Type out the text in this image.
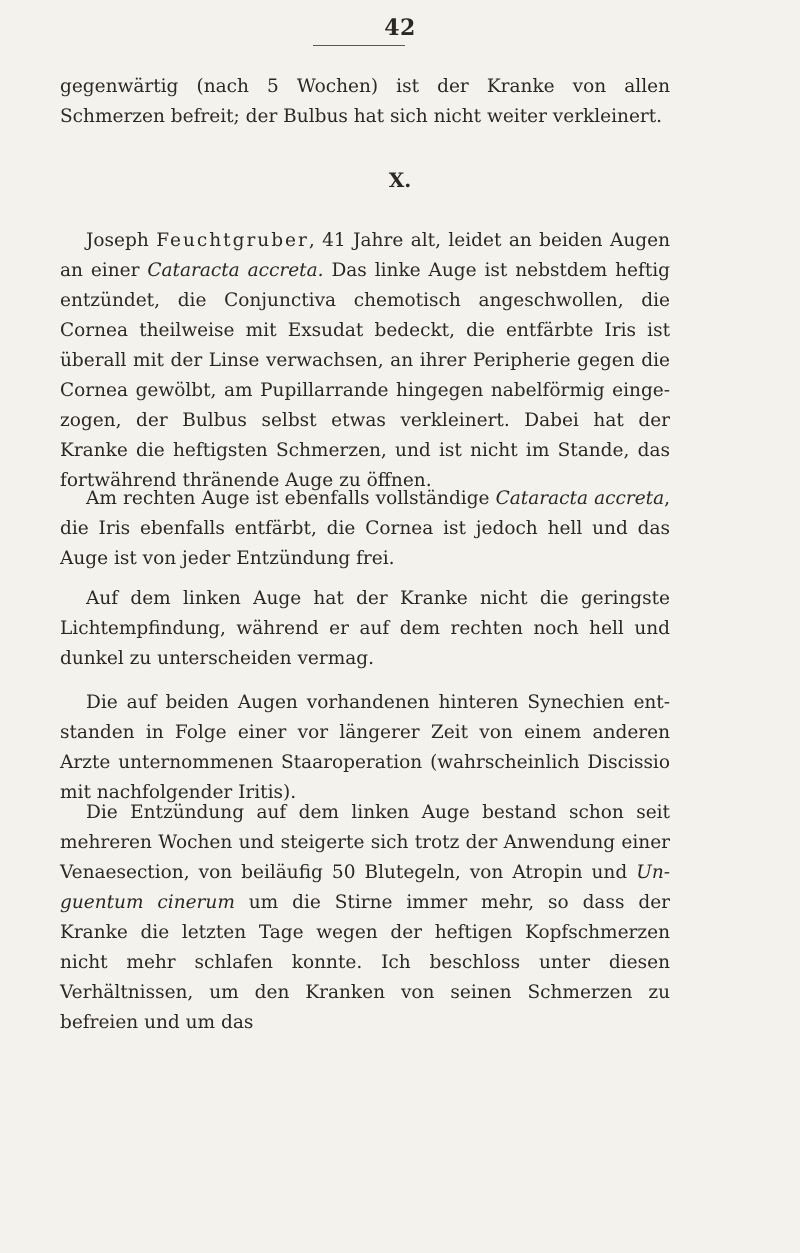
42

gegenwärtig (nach 5 Wochen) ist der Kranke von allen Schmerzen befreit; der Bulbus hat sich nicht weiter verkleinert.

X.

Joseph Feuchtgruber, 41 Jahre alt, leidet an beiden Augen an einer Cataracta accreta. Das linke Auge ist nebstdem heftig entzündet, die Conjunctiva chemotisch angeschwollen, die Cornea theilweise mit Exsudat bedeckt, die entfärbte Iris ist überall mit der Linse verwachsen, an ihrer Peripherie gegen die Cornea gewölbt, am Pupillarrande hingegen nabelförmig einge-zogen, der Bulbus selbst etwas verkleinert. Dabei hat der Kranke die heftigsten Schmerzen, und ist nicht im Stande, das fortwährend thränende Auge zu öffnen.

Am rechten Auge ist ebenfalls vollständige Cataracta accreta, die Iris ebenfalls entfärbt, die Cornea ist jedoch hell und das Auge ist von jeder Entzündung frei.

Auf dem linken Auge hat der Kranke nicht die geringste Lichtempfindung, während er auf dem rechten noch hell und dunkel zu unterscheiden vermag.

Die auf beiden Augen vorhandenen hinteren Synechien ent-standen in Folge einer vor längerer Zeit von einem anderen Arzte unternommenen Staaroperation (wahrscheinlich Discissio mit nachfolgender Iritis).

Die Entzündung auf dem linken Auge bestand schon seit mehreren Wochen und steigerte sich trotz der Anwendung einer Venaesection, von beiläufig 50 Blutegeln, von Atropin und Un-guentum cinerum um die Stirne immer mehr, so dass der Kranke die letzten Tage wegen der heftigen Kopfschmerzen nicht mehr schlafen konnte. Ich beschloss unter diesen Verhältnissen, um den Kranken von seinen Schmerzen zu befreien und um das
